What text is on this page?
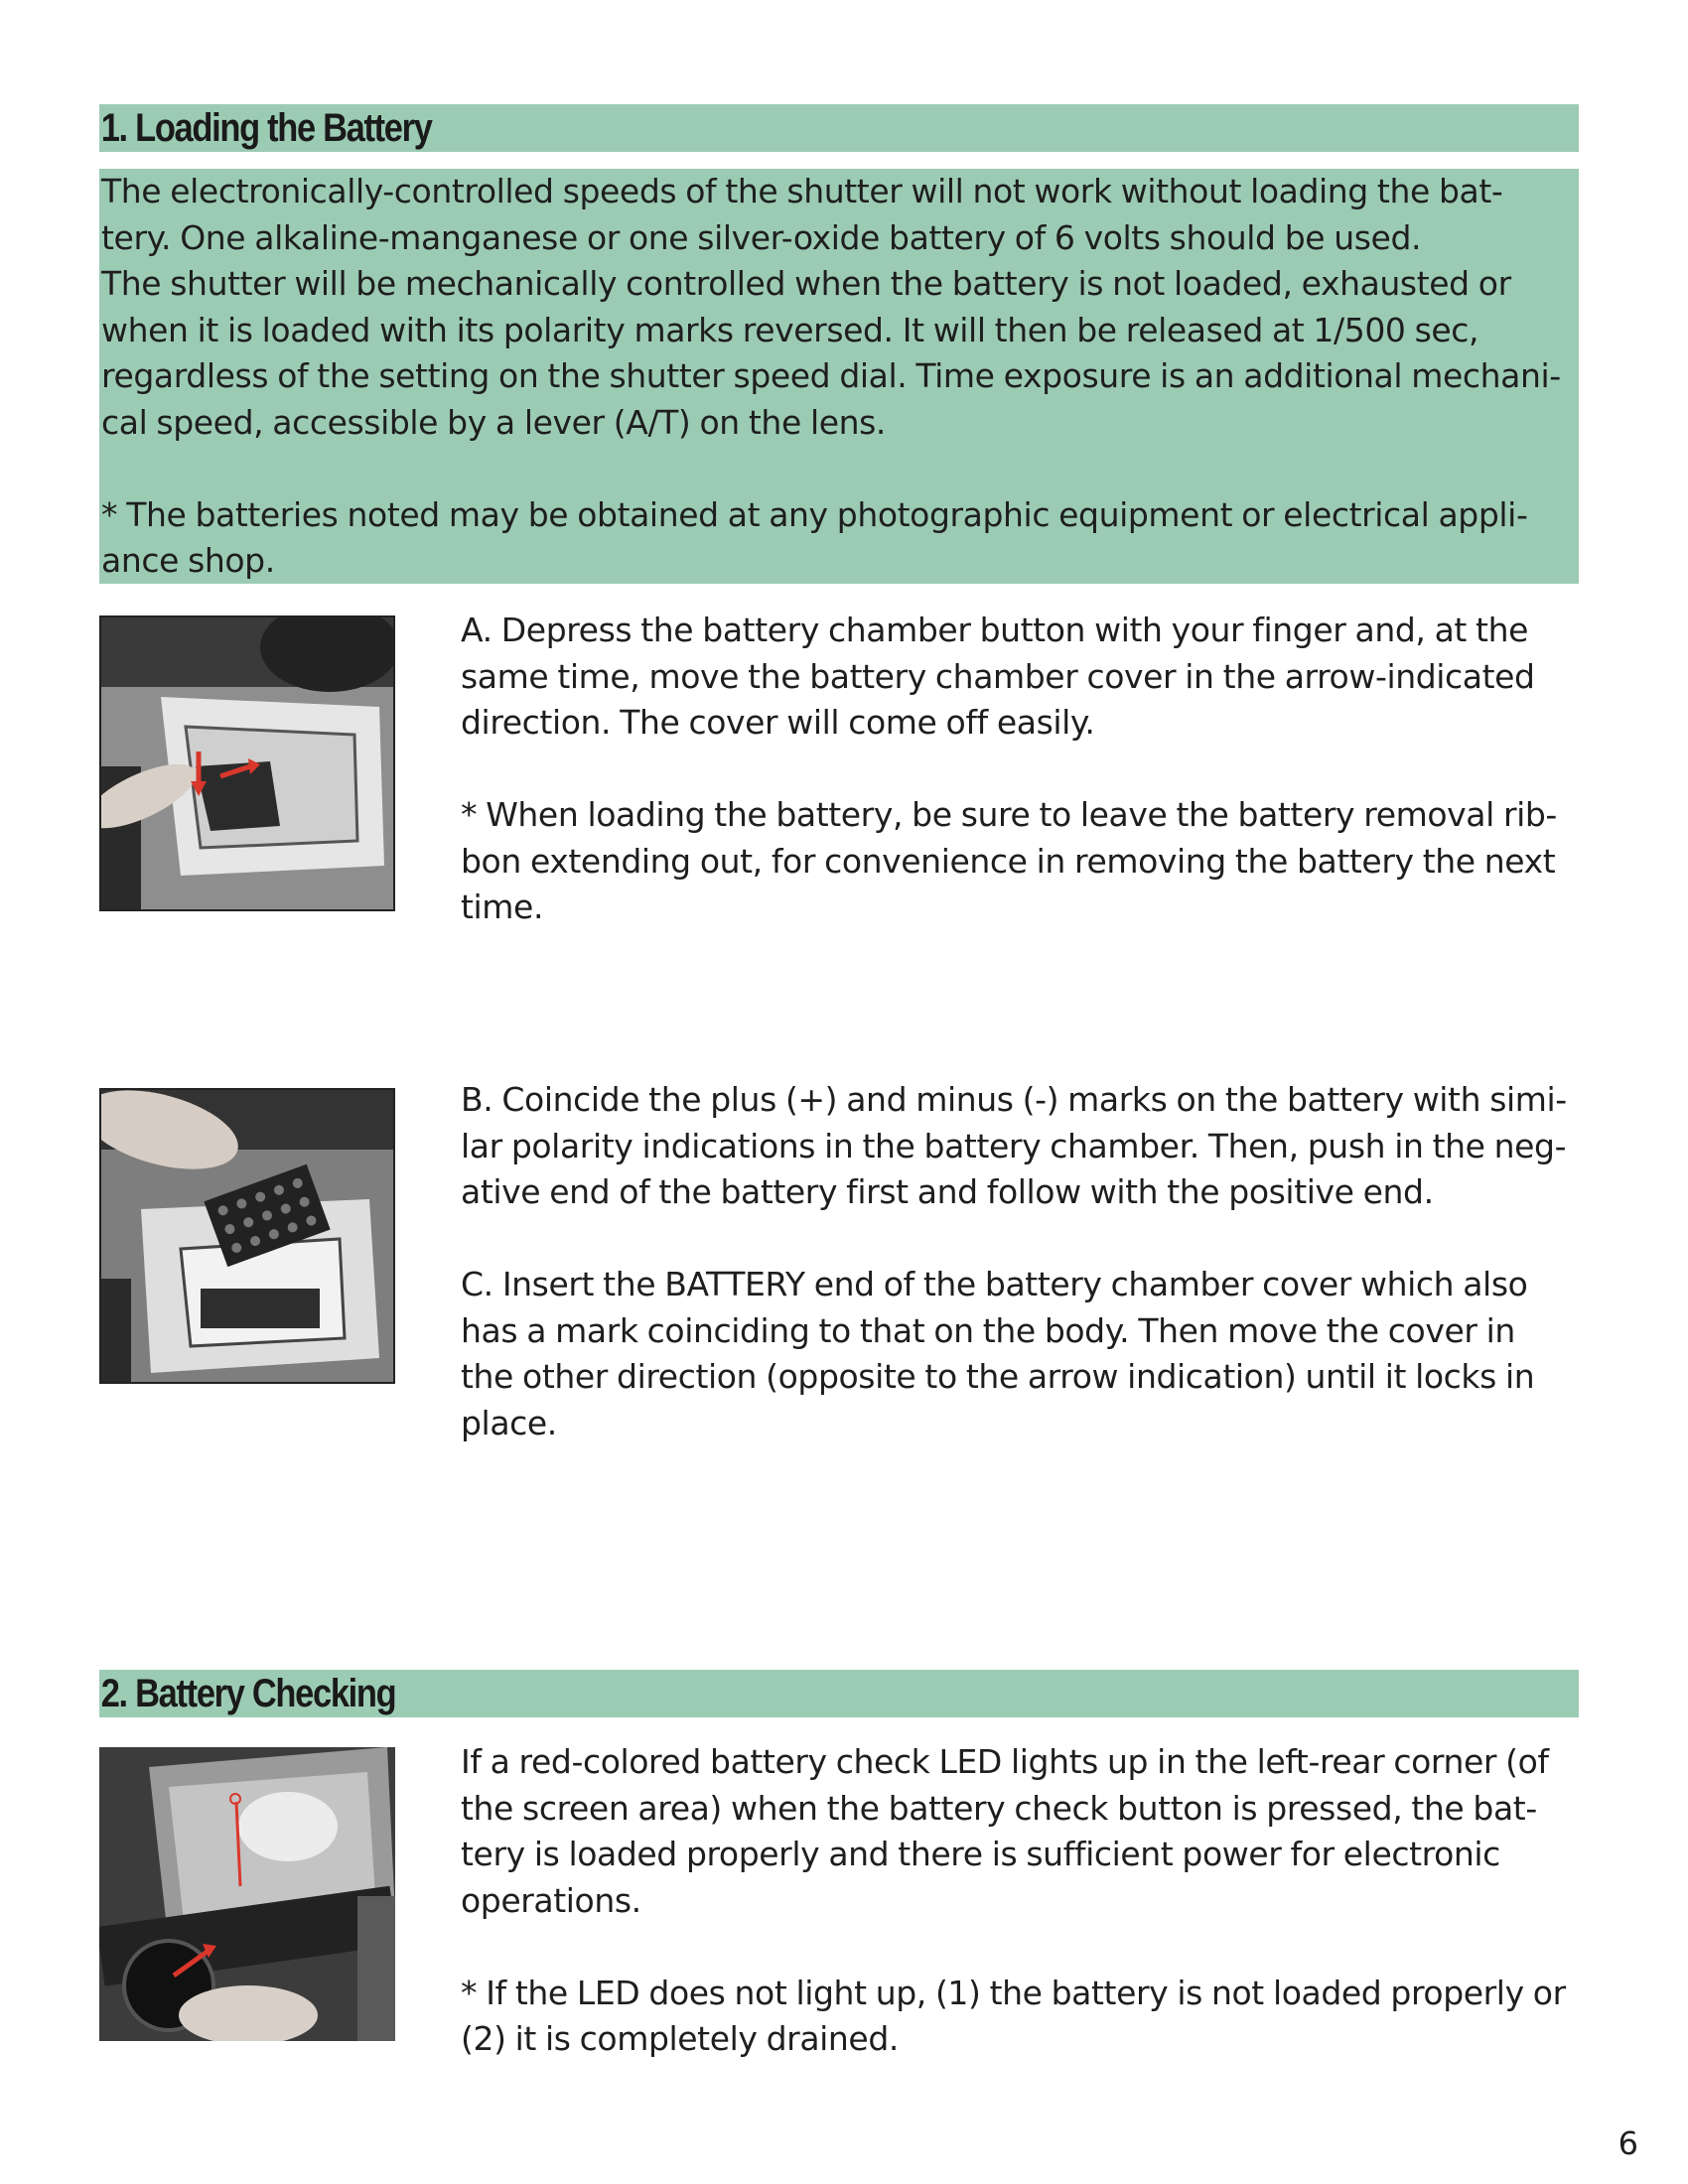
1. Loading the Battery

The electronically-controlled speeds of the shutter will not work without loading the bat-

tery. One alkaline-manganese or one silver-oxide battery of 6 volts should be used.

The shutter will be mechanically controlled when the battery is not loaded, exhausted or

when it is loaded with its polarity marks reversed. It will then be released at 1/500 sec,

regardless of the setting on the shutter speed dial. Time exposure is an additional mechani-

cal speed, accessible by a lever (A/T) on the lens.

* The batteries noted may be obtained at any photographic equipment or electrical appli-

ance shop.

A. Depress the battery chamber button with your finger and, at the

same time, move the battery chamber cover in the arrow-indicated

direction. The cover will come off easily.

* When loading the battery, be sure to leave the battery removal rib-

bon extending out, for convenience in removing the battery the next

time.

B. Coincide the plus (+) and minus (-) marks on the battery with simi-

lar polarity indications in the battery chamber. Then, push in the neg-

ative end of the battery first and follow with the positive end.

C. Insert the BATTERY end of the battery chamber cover which also

has a mark coinciding to that on the body. Then move the cover in

the other direction (opposite to the arrow indication) until it locks in

place.

2. Battery Checking

If a red-colored battery check LED lights up in the left-rear corner (of

the screen area) when the battery check button is pressed, the bat-

tery is loaded properly and there is sufficient power for electronic

operations.

* If the LED does not light up, (1) the battery is not loaded properly or

(2) it is completely drained.

6
